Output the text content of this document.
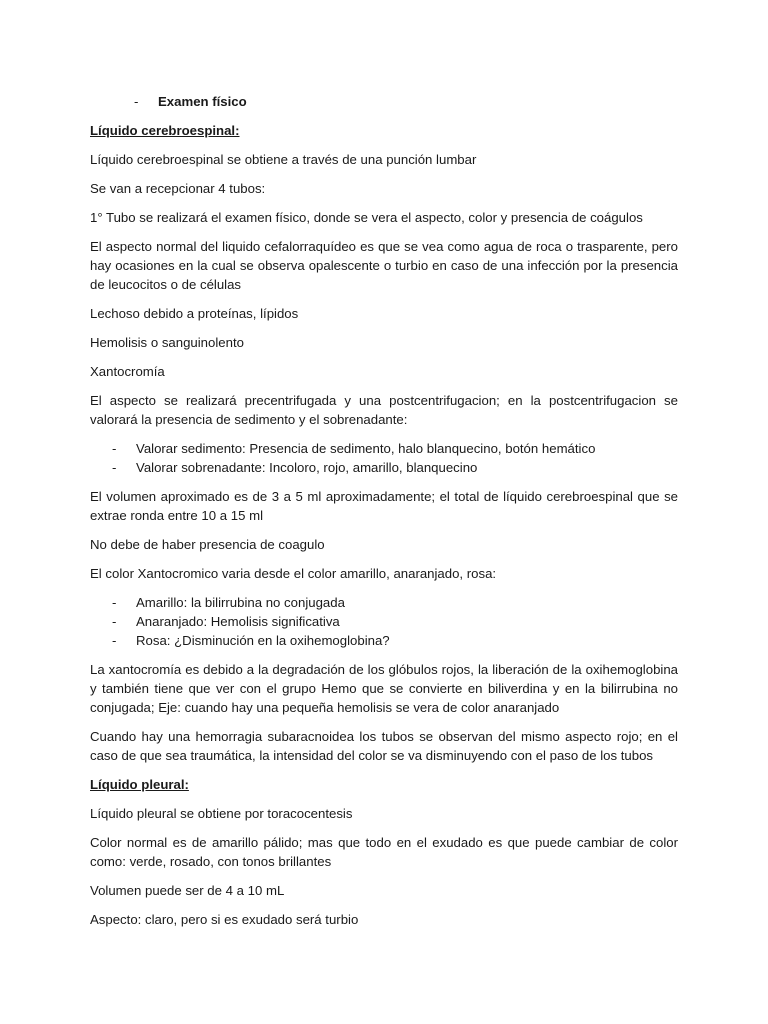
-	Examen físico

Líquido cerebroespinal:

Líquido cerebroespinal se obtiene a través de una punción lumbar

Se van a recepcionar 4 tubos:

1° Tubo se realizará el examen físico, donde se vera el aspecto, color y presencia de coágulos

El aspecto normal del liquido cefalorraquídeo es que se vea como agua de roca o trasparente, pero hay ocasiones en la cual se observa opalescente o turbio en caso de una infección por la presencia de leucocitos o de células

Lechoso debido a proteínas, lípidos

Hemolisis o sanguinolento

Xantocromía

El aspecto se realizará precentrifugada y una postcentrifugacion; en la postcentrifugacion se valorará la presencia de sedimento y el sobrenadante:

-	Valorar sedimento: Presencia de sedimento, halo blanquecino, botón hemático
-	Valorar sobrenadante: Incoloro, rojo, amarillo, blanquecino

El volumen aproximado es de 3 a 5 ml aproximadamente; el total de líquido cerebroespinal que se extrae ronda entre 10 a 15 ml

No debe de haber presencia de coagulo

El color Xantocromico varia desde el color amarillo, anaranjado, rosa:

-	Amarillo: la bilirrubina no conjugada
-	Anaranjado: Hemolisis significativa
-	Rosa: ¿Disminución en la oxihemoglobina?

La xantocromía es debido a la degradación de los glóbulos rojos, la liberación de la oxihemoglobina y también tiene que ver con el grupo Hemo que se convierte en biliverdina y en la bilirrubina no conjugada; Eje: cuando hay una pequeña hemolisis se vera de color anaranjado

Cuando hay una hemorragia subaracnoidea los tubos se observan del mismo aspecto rojo; en el caso de que sea traumática, la intensidad del color se va disminuyendo con el paso de los tubos

Líquido pleural:

Líquido pleural se obtiene por toracocentesis

Color normal es de amarillo pálido; mas que todo en el exudado es que puede cambiar de color como: verde, rosado, con tonos brillantes

Volumen puede ser de 4 a 10 mL

Aspecto: claro, pero si es exudado será turbio
